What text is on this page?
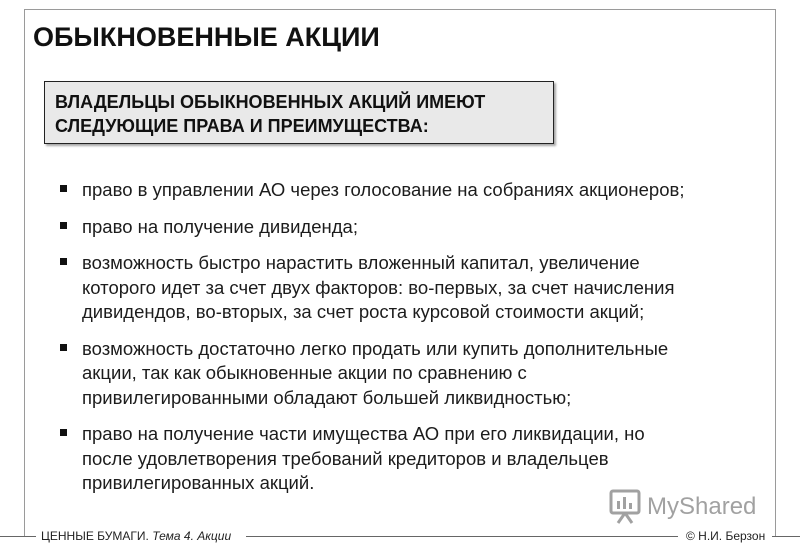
ОБЫКНОВЕННЫЕ АКЦИИ
ВЛАДЕЛЬЦЫ ОБЫКНОВЕННЫХ АКЦИЙ ИМЕЮТ
СЛЕДУЮЩИЕ ПРАВА И ПРЕИМУЩЕСТВА:
право в управлении АО через голосование на собраниях акционеров;
право на получение дивиденда;
возможность быстро нарастить вложенный капитал, увеличение
которого идет за счет двух факторов: во-первых, за счет начисления
дивидендов, во-вторых, за счет роста курсовой стоимости акций;
возможность достаточно легко продать или купить дополнительные
акции, так как обыкновенные акции по сравнению с
привилегированными обладают большей ликвидностью;
право на получение части имущества АО при его ликвидации, но
после удовлетворения требований кредиторов и владельцев
привилегированных акций.
MyShared
ЦЕННЫЕ БУМАГИ. Тема 4. Акции	© Н.И. Берзон
